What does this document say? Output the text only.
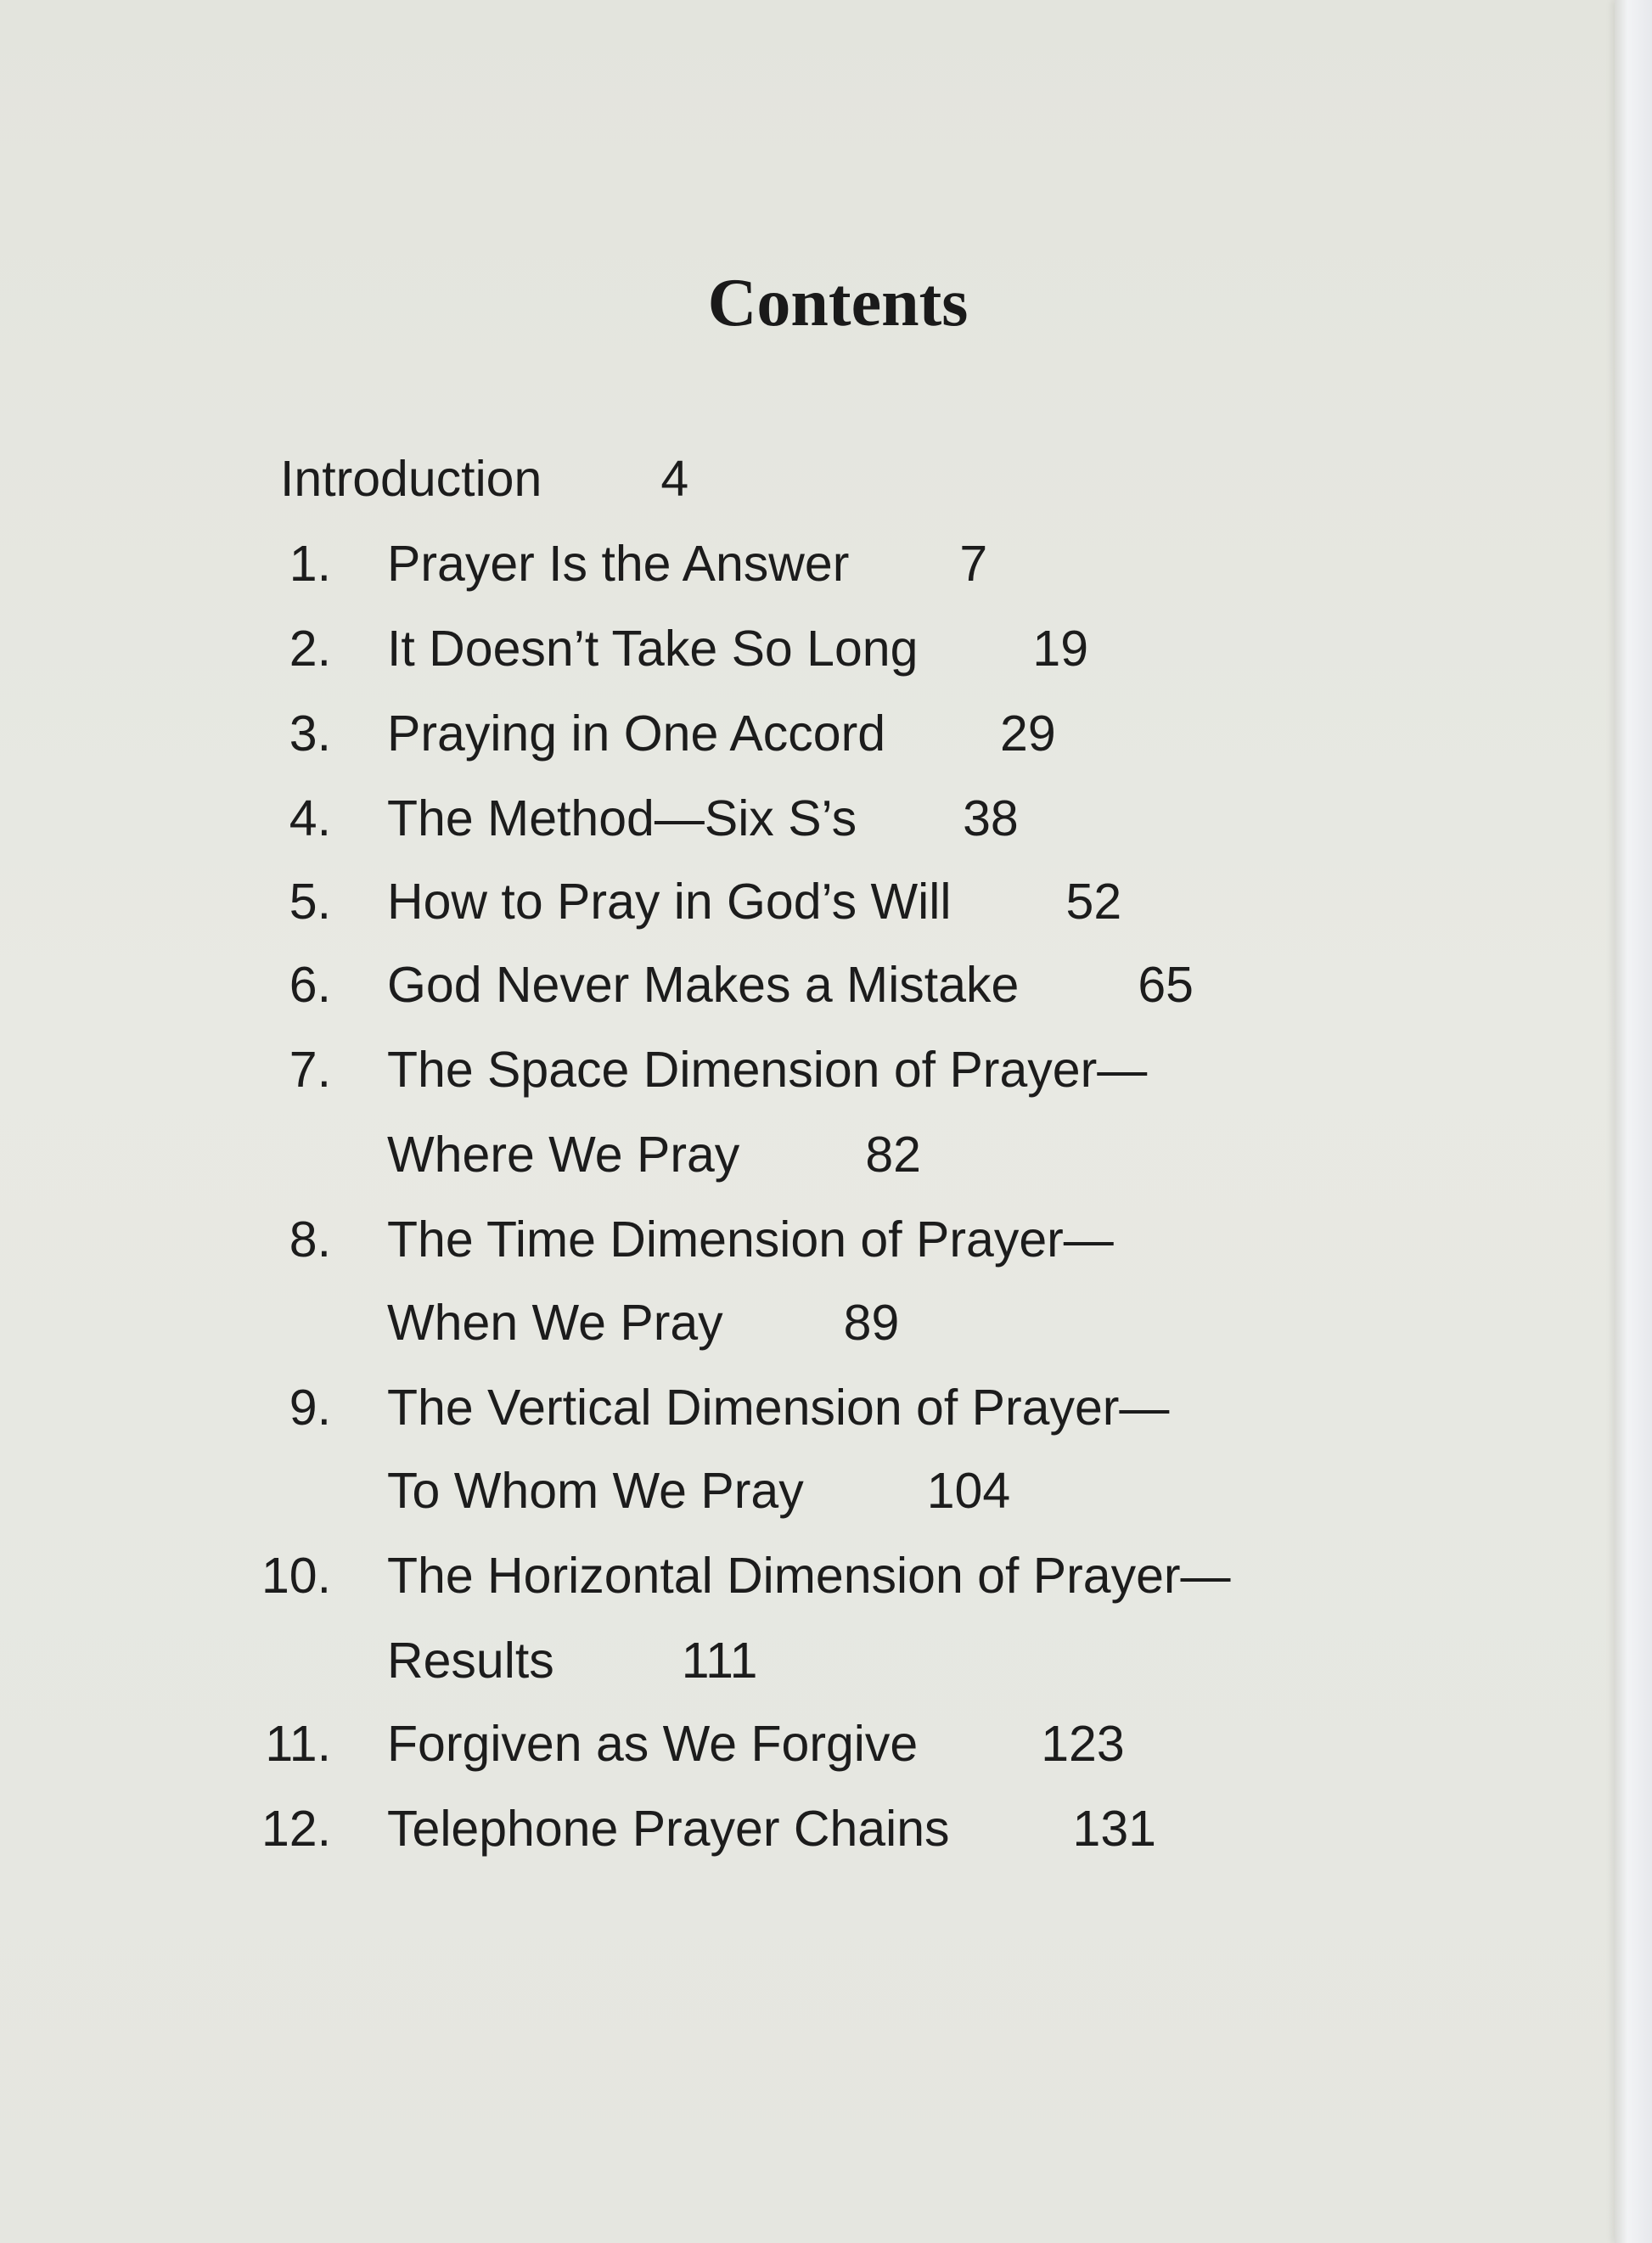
Contents
Introduction 4
1. Prayer Is the Answer 7
2. It Doesn’t Take So Long 19
3. Praying in One Accord 29
4. The Method—Six S’s 38
5. How to Pray in God’s Will 52
6. God Never Makes a Mistake 65
7. The Space Dimension of Prayer—
Where We Pray	82
8. The Time Dimension of Prayer—
When We Pray 89
9. The Vertical Dimension of Prayer—
To Whom We Pray 104
10. The Horizontal Dimension of Prayer—
Results	111
11. Forgiven as We Forgive 123
12. Telephone Prayer Chains 131
